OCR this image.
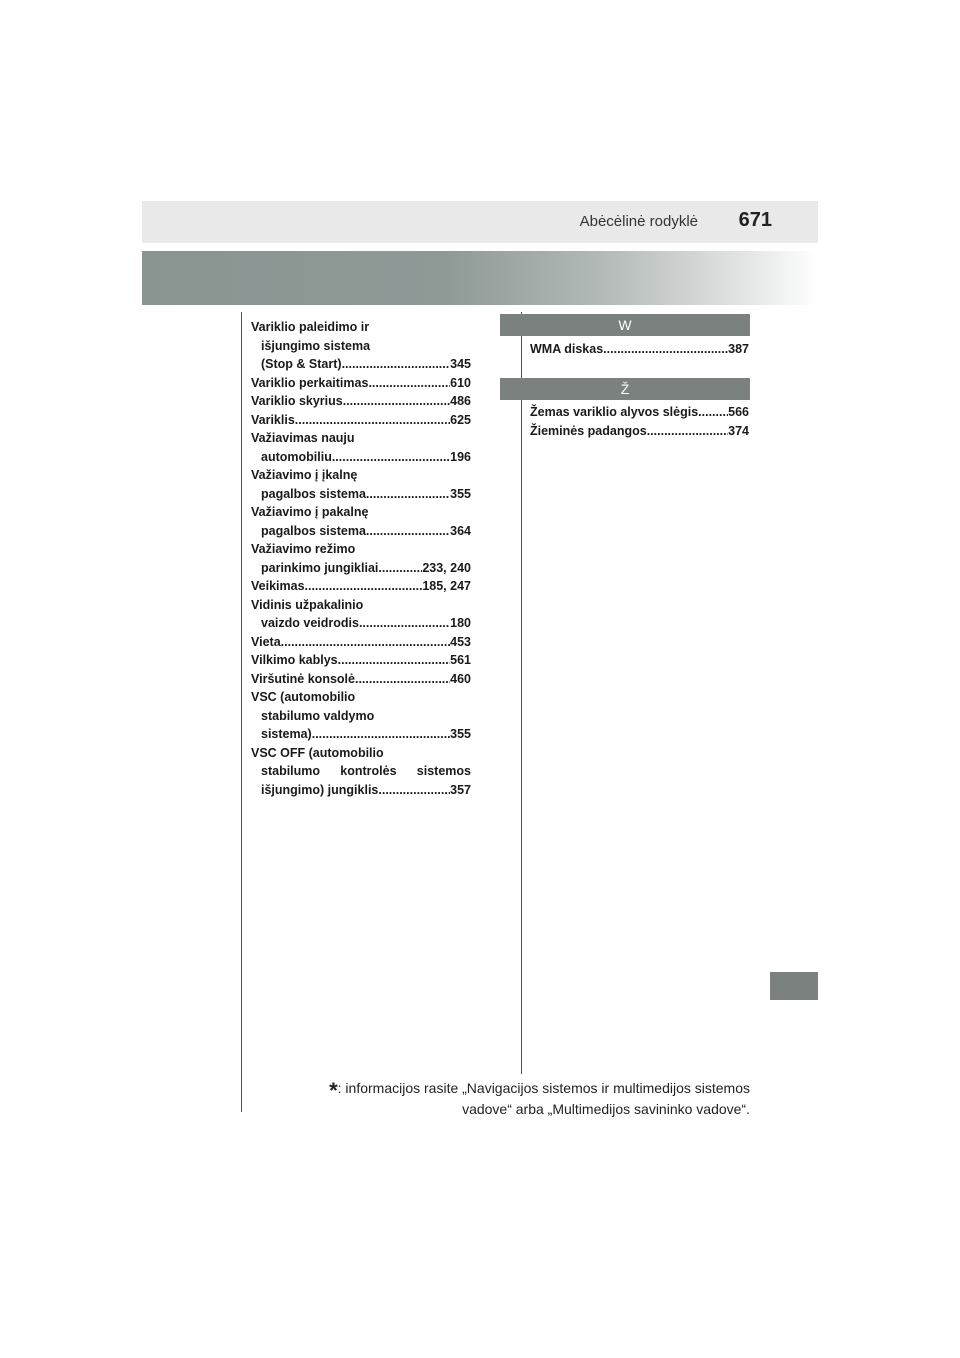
Abėcėlinė rodyklė 671
Variklio paleidimo ir
išjungimo sistema
(Stop & Start) .....	345
Variklio perkaitimas .....	610
Variklio skyrius .....	486
Variklis .....	625
Važiavimas nauju
automobiliu .....	196
Važiavimo į įkalnę
pagalbos sistema .....	355
Važiavimo į pakalnę
pagalbos sistema .....	364
Važiavimo režimo
parinkimo jungikliai .....	233, 240
Veikimas .....	185, 247
Vidinis užpakalinio
vaizdo veidrodis .....	180
Vieta .....	453
Vilkimo kablys .....	561
Viršutinė konsolė .....	460
VSC (automobilio
stabilumo valdymo
sistema) .....	355
VSC OFF (automobilio
stabilumo kontrolės sistemos
išjungimo) jungiklis .....	357
W
WMA diskas .....	387
Ž
Žemas variklio alyvos slėgis ..... 566
Žieminės padangos .....	374
*: informacijos rasite „Navigacijos sistemos ir multimedijos sistemos vadove“ arba „Multimedijos savininko vadove“.
